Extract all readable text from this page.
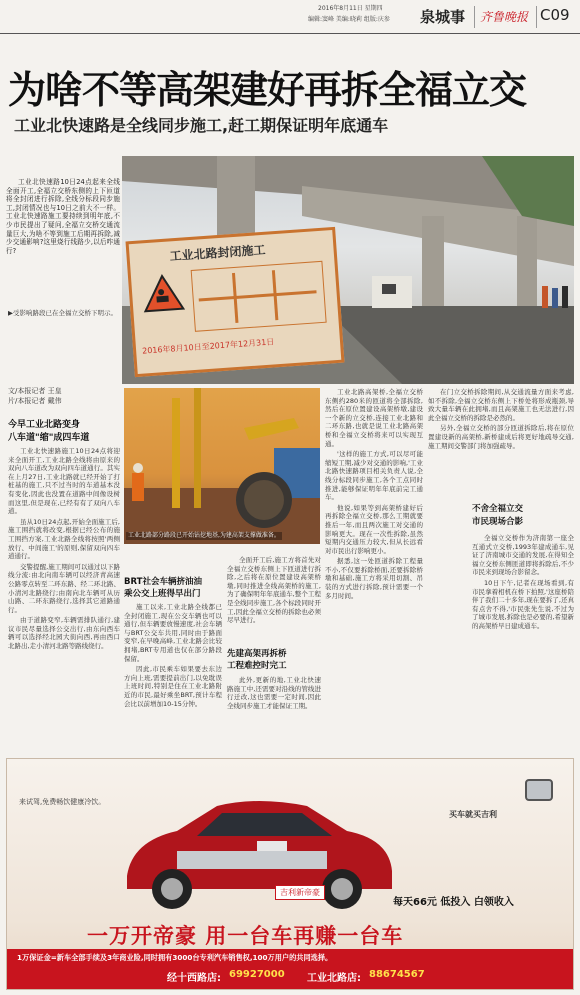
2016年8月11日 星期四
编辑:窦峰 美编:晓莉 组版:庆参	泉城事 齐鲁晚报 C09
为啥不等高架建好再拆全福立交
工业北快速路是全线同步施工,赶工期保证明年底通车
工业北路封闭施工
2016年8月10日至2017年12月31日
工业北快速路10日24点起来全线全面开工,全福立交桥东侧的上下匝道将全封闭进行拆除,全线分标段同步施工,封闭情况也与10日之前大不一样。工业北快速路施工要持续到明年底,不少市民提出了疑问,全福立交桥交通流量巨大,为啥不等到施工后期再拆除,减少交通影响?这里烧行线路少,以后咋通行?
▶受影响路段已在全福立交桥下明示。
文/本报记者 王皇
片/本报记者 戴伟
今早工业北路变身
八车道"缩"成四车道

工业北快速路施工10日24点将迎来全面开工,工业北路全线将由原来的双向八车道改为双向四车道通行。其实在上月27日,工业北路就已经开始了打桩基的施工,只不过当时的车道基本没有变化,因此也没置在道路中间像设树而这里,但是现在,已经有有了双向八车道。

虽从10日24点起,开始全面施工后,施工围挡就将改变,根据已经公布的施工围挡方案,工业北路全线将按照'两侧放行、中间施工'的原则,保留双向四车道通行。

交警提醒,施工期间可以通过以下路线分流:由北向南车辆可以经济青高速公路零点转至二环东路、经二环北路、小清河北路绕行;由南向北车辆可从历山路、二环东路绕行,选择其它道路通行。

由于道路变窄,车辆需排队通行,建议市民尽量选择公交出行,由东向西车辆可以选择经北园大街向西,再由西口北路出,走小清河北路等路线绕行。

工业北路部分路段已开始钻挖地基,为建高架支撑做准备。
BRT社会车辆挤油油
乘公交上班得早出门

施工以来,工业北路全线都已全封闭施工,现在公交车辆也可以通行,但车辆要放慢速度,社会车辆与BRT公交车共用,同时由于路面变窄,在早晚高峰,工业北路会比较拥堵,BRT专用道也仅在部分路段保留。

因此,市民乘车如果要去东边方向上班,需要提前出门,以免耽误上班时间,特别是住在工业北路附近的市民,最好乘坐BRT,预计车程会比以前增加10-15分钟。

全面开工后,施工方将首先对全福立交桥东侧上下匝道进行拆除,之后将在原位置建设高架桥墩,同时推进全线高架桥的施工,为了确保明年年底通车,整个工程是全线同步施工,各个标段同时开工,因此全福立交桥的拆除也必须尽早进行。

先建高架再拆桥
工程难控时完工

此外,更新的地,工业北快速路施工中,还需要对沿线的管线进行迁改,这也需要一定时间,因此全线同步施工才能保证工期。

工业北路高架桥,全福立交桥东侧约280米的匝道将全部拆除,然后在原位置建设高架桥墩,建设一个新的立交桥,连接工业北路和二环东路,也就是说工业北路高架桥和全福立交桥将来可以实现互通。

'这样的施工方式,可以尽可能缩短工期,减少对交通的影响,'工业北路快速路项目相关负责人说,全线分标段同步施工,各个工点同时推进,能够保证明年年底前完工通车。

他说,如果等到高架桥建好后再拆除全福立交桥,那么工期就要推后一年,而且两次施工对交通的影响更大。现在一次性拆除,虽然短期内交通压力较大,但从长远看对市民出行影响更小。

据悉,这一处匝道拆除工程量不小,不仅要拆除桥面,还要拆除桥墩和基础,施工方将采用切割、吊装的方式进行拆除,预计需要一个多月时间。

在门立交桥拆除期间,从交通流量方面来考虑,如不拆除,全福立交桥东侧上下桥处将形成瓶颈,导致大量车辆在此拥堵,而且高架施工也无法进行,因此全福立交桥的拆除是必然的。

另外,全福立交桥的部分匝道拆除后,将在原位置建设新的高架桥,新桥建成后将更好地疏导交通,施工期间交警部门将加强疏导。

不舍全福立交
市民现场合影

全福立交桥作为济南第一座全互通式立交桥,1993年建成通车,见证了济南城市交通的发展,在得知全福立交桥东侧匝道即将拆除后,不少市民来到现场合影留念。

10日下午,记者在现场看到,有市民拿着相机在桥下拍照,'这座桥陪伴了我们二十多年,现在要拆了,还真有点舍不得,'市民张先生说,不过为了城市发展,拆除也是必要的,希望新的高架桥早日建成通车。

来试驾,免费畅饮健康冷饮。
买车就买吉利
吉利新帝豪
每天66元 低投入 白领收入
一万开帝豪 用一台车再赚一台车
1万保证金=新车全部手续及3年商业险,同时拥有3000台专利汽车销售权,100万用户的共同选择。
经十西路店: 69927000 工业北路店: 88674567
